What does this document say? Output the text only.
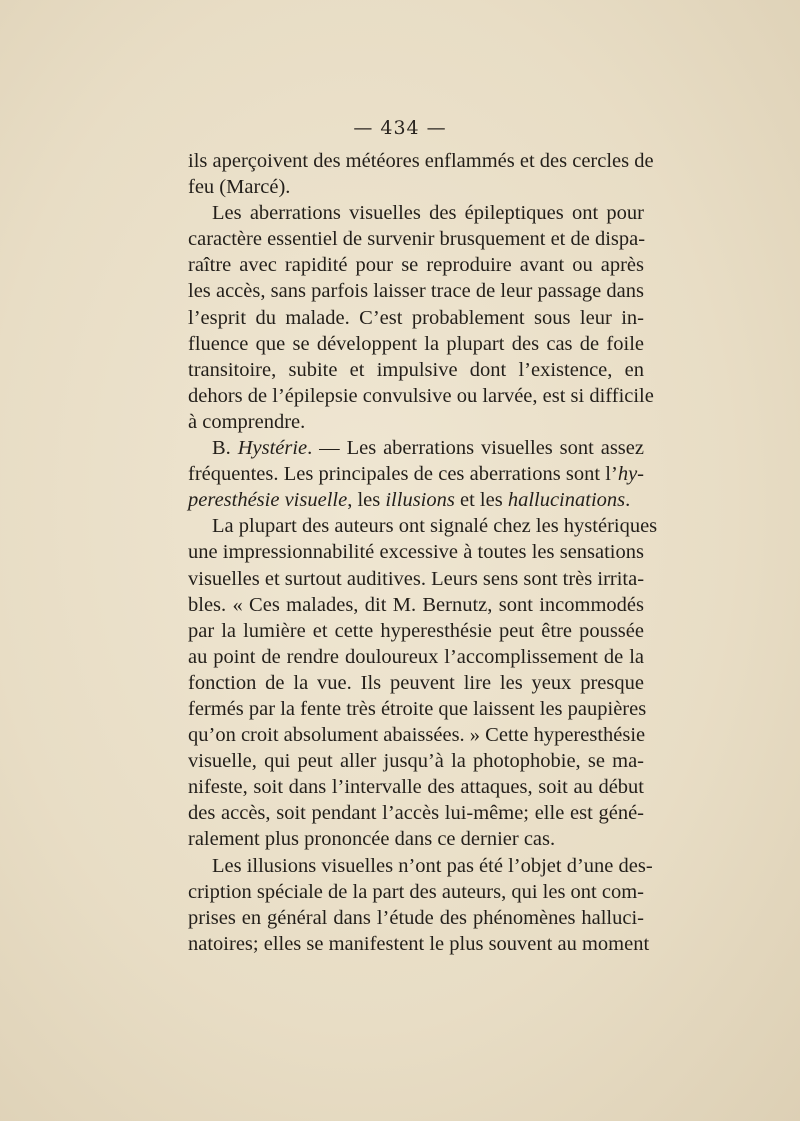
— 434 —
ils aperçoivent des météores enflammés et des cercles de
feu (Marcé).
Les aberrations visuelles des épileptiques ont pour
caractère essentiel de survenir brusquement et de dispa-
raître avec rapidité pour se reproduire avant ou après
les accès, sans parfois laisser trace de leur passage dans
l’esprit du malade. C’est probablement sous leur in-
fluence que se développent la plupart des cas de foile
transitoire, subite et impulsive dont l’existence, en
dehors de l’épilepsie convulsive ou larvée, est si difficile
à comprendre.
B. Hystérie. — Les aberrations visuelles sont assez
fréquentes. Les principales de ces aberrations sont l’hy-
peresthésie visuelle, les illusions et les hallucinations.
La plupart des auteurs ont signalé chez les hystériques
une impressionnabilité excessive à toutes les sensations
visuelles et surtout auditives. Leurs sens sont très irrita-
bles. « Ces malades, dit M. Bernutz, sont incommodés
par la lumière et cette hyperesthésie peut être poussée
au point de rendre douloureux l’accomplissement de la
fonction de la vue. Ils peuvent lire les yeux presque
fermés par la fente très étroite que laissent les paupières
qu’on croit absolument abaissées. » Cette hyperesthésie
visuelle, qui peut aller jusqu’à la photophobie, se ma-
nifeste, soit dans l’intervalle des attaques, soit au début
des accès, soit pendant l’accès lui-même; elle est géné-
ralement plus prononcée dans ce dernier cas.
Les illusions visuelles n’ont pas été l’objet d’une des-
cription spéciale de la part des auteurs, qui les ont com-
prises en général dans l’étude des phénomènes halluci-
natoires; elles se manifestent le plus souvent au moment
